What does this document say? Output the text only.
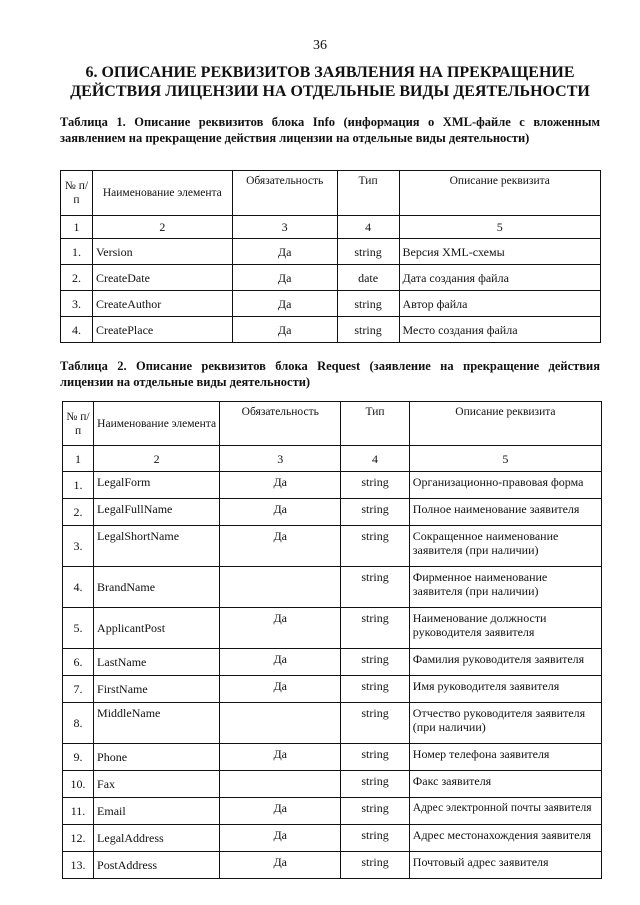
36
6. ОПИСАНИЕ РЕКВИЗИТОВ ЗАЯВЛЕНИЯ НА ПРЕКРАЩЕНИЕ ДЕЙСТВИЯ ЛИЦЕНЗИИ НА ОТДЕЛЬНЫЕ ВИДЫ ДЕЯТЕЛЬНОСТИ
Таблица 1. Описание реквизитов блока Info (информация о XML-файле с вложенным заявлением на прекращение действия лицензии на отдельные виды деятельности)
№ п/п	Наименование элемента	Обязательность	Тип	Описание реквизита
1	2	3	4	5
1.	Version	Да	string	Версия XML-схемы
2.	CreateDate	Да	date	Дата создания файла
3.	CreateAuthor	Да	string	Автор файла
4.	CreatePlace	Да	string	Место создания файла
Таблица 2. Описание реквизитов блока Request (заявление на прекращение действия лицензии на отдельные виды деятельности)
№ п/п	Наименование элемента	Обязательность	Тип	Описание реквизита
1	2	3	4	5
1.	LegalForm	Да	string	Организационно-правовая форма
2.	LegalFullName	Да	string	Полное наименование заявителя
3.	LegalShortName	Да	string	Сокращенное наименование заявителя (при наличии)
4.	BrandName		string	Фирменное наименование заявителя (при наличии)
5.	ApplicantPost	Да	string	Наименование должности руководителя заявителя
6.	LastName	Да	string	Фамилия руководителя заявителя
7.	FirstName	Да	string	Имя руководителя заявителя
8.	MiddleName		string	Отчество руководителя заявителя (при наличии)
9.	Phone	Да	string	Номер телефона заявителя
10.	Fax		string	Факс заявителя
11.	Email	Да	string	Адрес электронной почты заявителя
12.	LegalAddress	Да	string	Адрес местонахождения заявителя
13.	PostAddress	Да	string	Почтовый адрес заявителя
